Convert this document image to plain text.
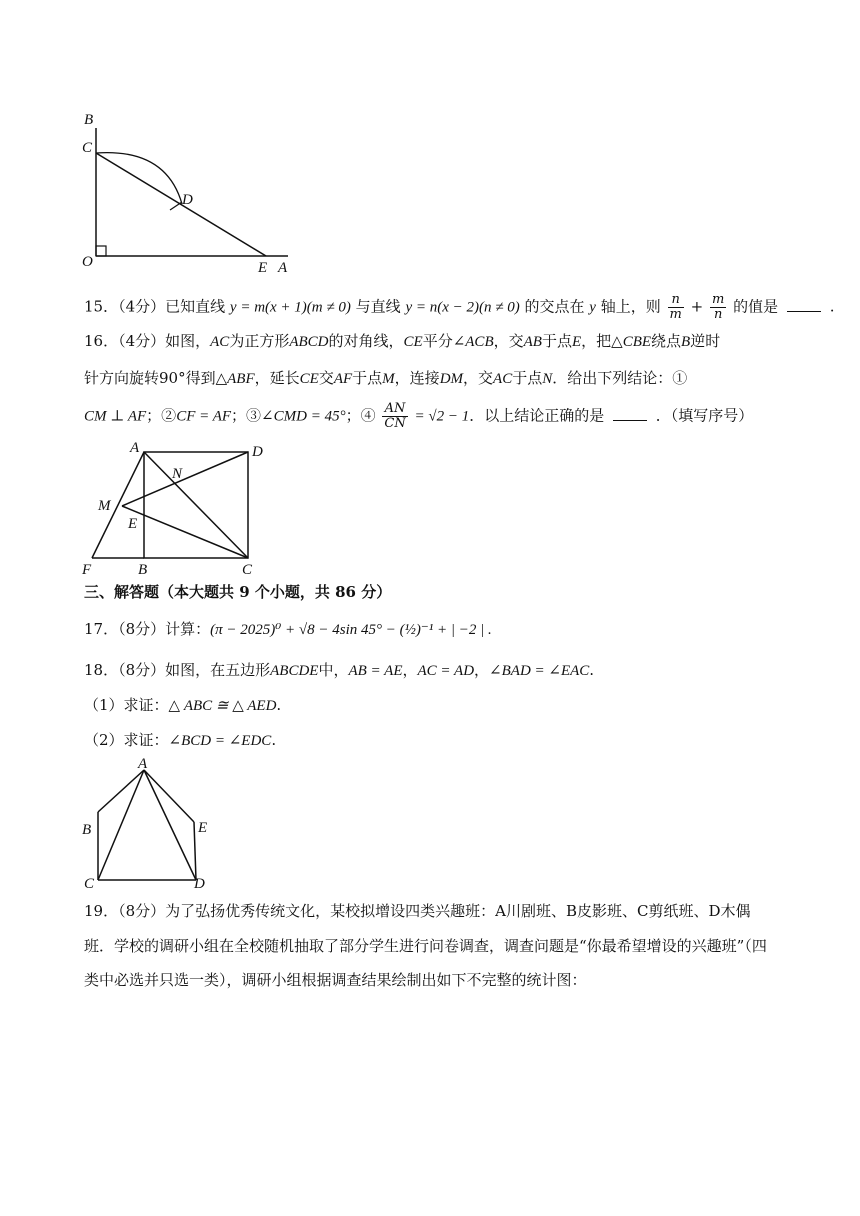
B
C
D
O	E A
15．（4分）已知直线 y = m(x + 1)(m ≠ 0) 与直线 y = n(x − 2)(n ≠ 0) 的交点在 y 轴上，则 $\frac{n}{m} + \frac{m}{n}$ 的值是	.
16．（4分）如图，AC为正方形ABCD的对角线，CE平分∠ACB，交AB于点E，把△CBE绕点B逆时
针方向旋转90°得到△ABF，延长CE交AF于点M，连接DM，交AC于点N．给出下列结论：①
CM ⊥ AF；②CF = AF；③∠CMD = 45°；④ $\frac{AN}{CN} = √2 - 1$．以上结论正确的是	．（填写序号）
A	D
N
M
E
F	B	C
三、解答题（本大题共 9 个小题，共 86 分）
17．（8分）计算：(π − 2025)⁰ + √8 − 4sin 45° − (½)⁻¹ + | −2 | .
18．（8分）如图，在五边形ABCDE中，AB = AE，AC = AD，∠BAD = ∠EAC.
（1）求证：△ ABC ≅ △ AED.
（2）求证：∠BCD = ∠EDC.
A
B	E
C	D
19．（8分）为了弘扬优秀传统文化，某校拟增设四类兴趣班：A川剧班、B皮影班、C剪纸班、D木偶
班．学校的调研小组在全校随机抽取了部分学生进行问卷调查，调查问题是“你最希望增设的兴趣班”（四
类中必选并只选一类），调研小组根据调查结果绘制出如下不完整的统计图：
